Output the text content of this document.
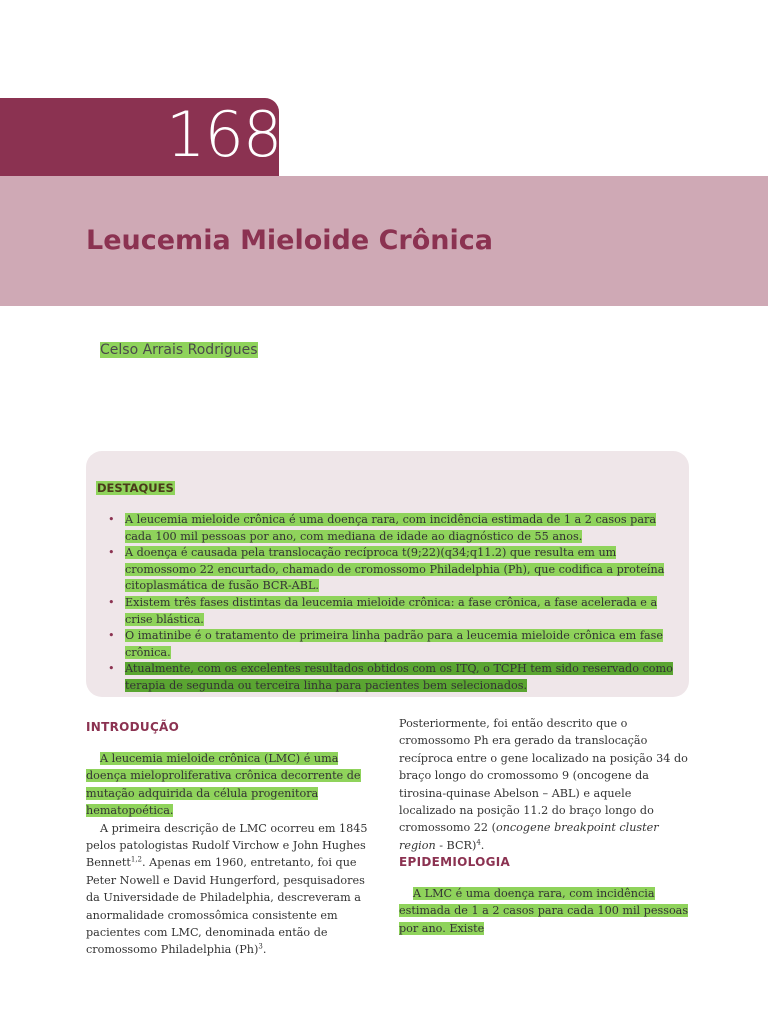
168
Leucemia Mieloide Crônica
Celso Arrais Rodrigues
DESTAQUES
• A leucemia mieloide crônica é uma doença rara, com incidência estimada de 1 a 2 casos para cada 100 mil pessoas por ano, com mediana de idade ao diagnóstico de 55 anos.
• A doença é causada pela translocação recíproca t(9;22)(q34;q11.2) que resulta em um cromossomo 22 encurtado, chamado de cromossomo Philadelphia (Ph), que codifica a proteína citoplasmática de fusão BCR-ABL.
• Existem três fases distintas da leucemia mieloide crônica: a fase crônica, a fase acelerada e a crise blástica.
• O imatinibe é o tratamento de primeira linha padrão para a leucemia mieloide crônica em fase crônica.
• Atualmente, com os excelentes resultados obtidos com os ITQ, o TCPH tem sido reservado como terapia de segunda ou terceira linha para pacientes bem selecionados.
INTRODUÇÃO

A leucemia mieloide crônica (LMC) é uma doença mieloproliferativa crônica decorrente de mutação adquirida da célula progenitora hematopoética.

A primeira descrição de LMC ocorreu em 1845 pelos patologistas Rudolf Virchow e John Hughes Bennett$^{1,2}$. Apenas em 1960, entretanto, foi que Peter Nowell e David Hungerford, pesquisadores da Universidade de Philadelphia, descreveram a anormalidade cromossômica consistente em pacientes com LMC, denominada então de cromossomo Philadelphia $(Ph)^3$.

Posteriormente, foi então descrito que o cromossomo Ph era gerado da translocação recíproca entre o gene localizado na posição 34 do braço longo do cromossomo 9 (oncogene da tirosina-quinase Abelson – ABL) e aquele localizado na posição 11.2 do braço longo do cromossomo 22 (oncogene breakpoint cluster region - BCR)$^4$.

EPIDEMIOLOGIA

A LMC é uma doença rara, com incidência estimada de 1 a 2 casos para cada 100 mil pessoas por ano. Existe
